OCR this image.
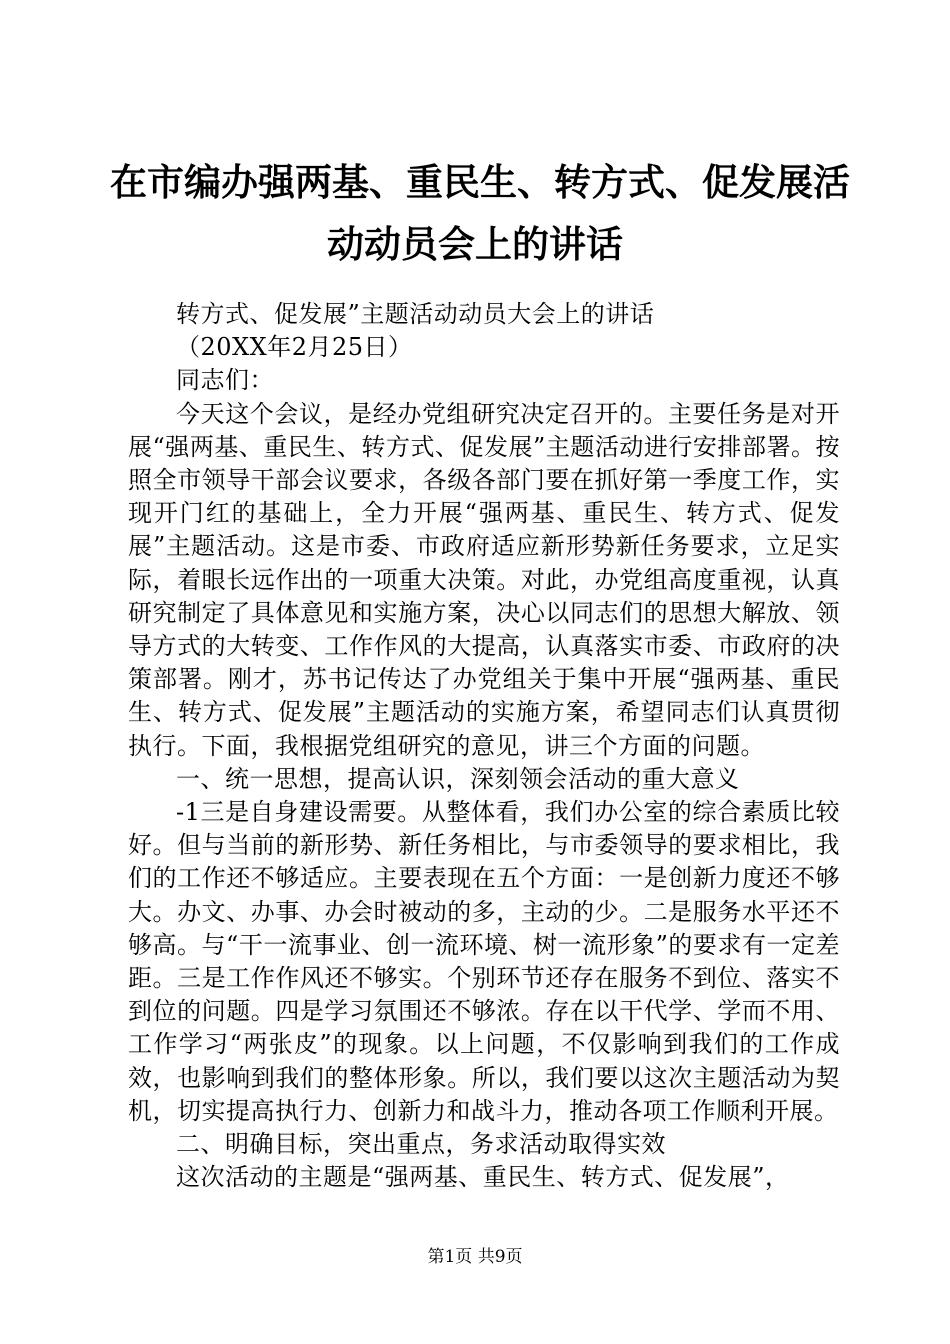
在市编办强两基、重民生、转方式、促发展活
动动员会上的讲话

转方式、促发展”主题活动动员大会上的讲话

（20XX年2月25日）

同志们：

今天这个会议，是经办党组研究决定召开的。主要任务是对开展“强两基、重民生、转方式、促发展”主题活动进行安排部署。按照全市领导干部会议要求，各级各部门要在抓好第一季度工作，实现开门红的基础上，全力开展“强两基、重民生、转方式、促发展”主题活动。这是市委、市政府适应新形势新任务要求，立足实际，着眼长远作出的一项重大决策。对此，办党组高度重视，认真研究制定了具体意见和实施方案，决心以同志们的思想大解放、领导方式的大转变、工作作风的大提高，认真落实市委、市政府的决策部署。刚才，苏书记传达了办党组关于集中开展“强两基、重民生、转方式、促发展”主题活动的实施方案，希望同志们认真贯彻执行。下面，我根据党组研究的意见，讲三个方面的问题。

一、统一思想，提高认识，深刻领会活动的重大意义

-1三是自身建设需要。从整体看，我们办公室的综合素质比较好。但与当前的新形势、新任务相比，与市委领导的要求相比，我们的工作还不够适应。主要表现在五个方面：一是创新力度还不够大。办文、办事、办会时被动的多，主动的少。二是服务水平还不够高。与“干一流事业、创一流环境、树一流形象”的要求有一定差距。三是工作作风还不够实。个别环节还存在服务不到位、落实不到位的问题。四是学习氛围还不够浓。存在以干代学、学而不用、工作学习“两张皮”的现象。以上问题，不仅影响到我们的工作成效，也影响到我们的整体形象。所以，我们要以这次主题活动为契机，切实提高执行力、创新力和战斗力，推动各项工作顺利开展。

二、明确目标，突出重点，务求活动取得实效

这次活动的主题是“强两基、重民生、转方式、促发展”，

第1页 共9页
